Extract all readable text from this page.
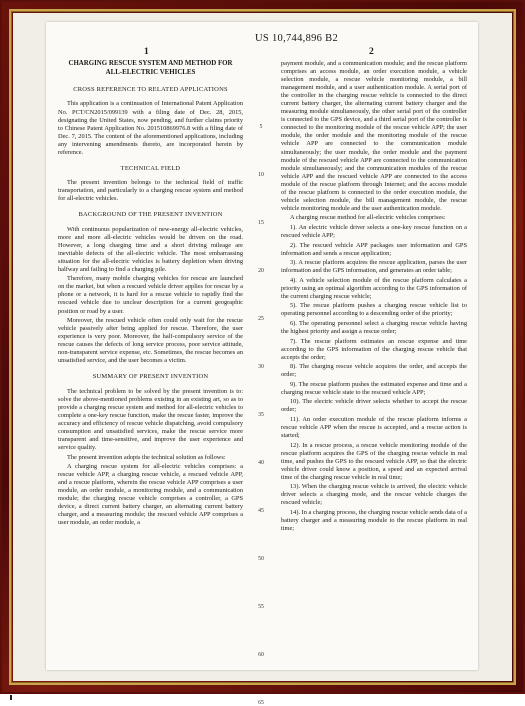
US 10,744,896 B2
1	2
CHARGING RESCUE SYSTEM AND METHOD FOR ALL-ELECTRIC VEHICLES
CROSS REFERENCE TO RELATED APPLICATIONS

This application is a continuation of International Patent Application No. PCT/CN2015/099139 with a filing date of Dec. 28, 2015, designating the United States, now pending, and further claims priority to Chinese Patent Application No. 201510869976.8 with a filing date of Dec. 7, 2015. The content of the aforementioned applications, including any intervening amendments thereto, are incorporated herein by reference.

TECHNICAL FIELD

The present invention belongs to the technical field of traffic transportation, and particularly to a charging rescue system and method for all-electric vehicles.

BACKGROUND OF THE PRESENT INVENTION

With continuous popularization of new-energy all-electric vehicles, more and more all-electric vehicles would be driven on the road. However, a long charging time and a short driving mileage are inevitable defects of the all-electric vehicle. The most embarrassing situation for the all-electric vehicles is battery depletion when driving halfway and failing to find a charging pile.

Therefore, many mobile charging vehicles for rescue are launched on the market, but when a rescued vehicle driver applies for rescue by a phone or a network, it is hard for a rescue vehicle to rapidly find the rescued vehicle due to unclear description for a current geographic position or road by a user.

Moreover, the rescued vehicle often could only wait for the rescue vehicle passively after being applied for rescue. Therefore, the user experience is very poor. Moreover, the half-compulsory service of the rescue causes the defects of long service process, poor service attitude, non-transparent service expense, etc. Sometimes, the rescue becomes an unsatisfied service, and the user becomes a victim.

SUMMARY OF PRESENT INVENTION

The technical problem to be solved by the present invention is to: solve the above-mentioned problems existing in an existing art, so as to provide a charging rescue system and method for all-electric vehicles to complete a one-key rescue function, make the rescue faster, improve the accuracy and efficiency of rescue vehicle dispatching, avoid compulsory consumption and unsatisfied services, make the rescue service more transparent and time-sensitive, and improve the user experience and service quality.

The present invention adopts the technical solution as follows:

A charging rescue system for all-electric vehicles comprises: a rescue vehicle APP, a charging rescue vehicle, a rescued vehicle APP, and a rescue platform, wherein the rescue vehicle APP comprises a user module, an order module, a monitoring module, and a communication module; the charging rescue vehicle comprises a controller, a GPS device, a direct current battery charger, an alternating current battery charger, and a measuring module; the rescued vehicle APP comprises a user module, an order module, a

5
10
15
20
25
30
35
40
45
50
55
60
65

payment module, and a communication module; and the rescue platform comprises an access module, an order execution module, a vehicle selection module, a rescue vehicle monitoring module, a bill management module, and a user authentication module. A serial port of the controller in the charging rescue vehicle is connected to the direct current battery charger, the alternating current battery charger and the measuring module simultaneously, the other serial port of the controller is connected to the GPS device, and a third serial port of the controller is connected to the monitoring module of the rescue vehicle APP; the user module, the order module and the monitoring module of the rescue vehicle APP are connected to the communication module simultaneously; the user module, the order module and the payment module of the rescued vehicle APP are connected to the communication module simultaneously; and the communication modules of the rescue vehicle APP and the rescued vehicle APP are connected to the access module of the rescue platform through Internet; and the access module of the rescue platform is connected to the order execution module, the vehicle selection module, the bill management module, the rescue vehicle monitoring module and the user authentication module.

A charging rescue method for all-electric vehicles comprises:

1). An electric vehicle driver selects a one-key rescue function on a rescued vehicle APP;

2). The rescued vehicle APP packages user information and GPS information and sends a rescue application;

3). A rescue platform acquires the rescue application, parses the user information and the GPS information, and generates an order table;

4). A vehicle selection module of the rescue platform calculates a priority using an optimal algorithm according to the GPS information of the current charging rescue vehicle;

5). The rescue platform pushes a charging rescue vehicle list to operating personnel according to a descending order of the priority;

6). The operating personnel select a charging rescue vehicle having the highest priority and assign a rescue order;

7). The rescue platform estimates an rescue expense and time according to the GPS information of the charging rescue vehicle that accepts the order;

8). The charging rescue vehicle acquires the order, and accepts the order;

9). The rescue platform pushes the estimated expense and time and a charging rescue vehicle state to the rescued vehicle APP;

10). The electric vehicle driver selects whether to accept the rescue order;

11). An order execution module of the rescue platform informs a rescue vehicle APP when the rescue is accepted, and a rescue action is started;

12). In a rescue process, a rescue vehicle monitoring module of the rescue platform acquires the GPS of the charging rescue vehicle in real time, and pushes the GPS to the rescued vehicle APP, so that the electric vehicle driver could know a position, a speed and an expected arrival time of the charging rescue vehicle in real time;

13). When the charging rescue vehicle is arrived, the electric vehicle driver selects a charging mode, and the rescue vehicle charges the rescued vehicle;

14). In a charging process, the charging rescue vehicle sends data of a battery charger and a measuring module to the rescue platform in real time;
